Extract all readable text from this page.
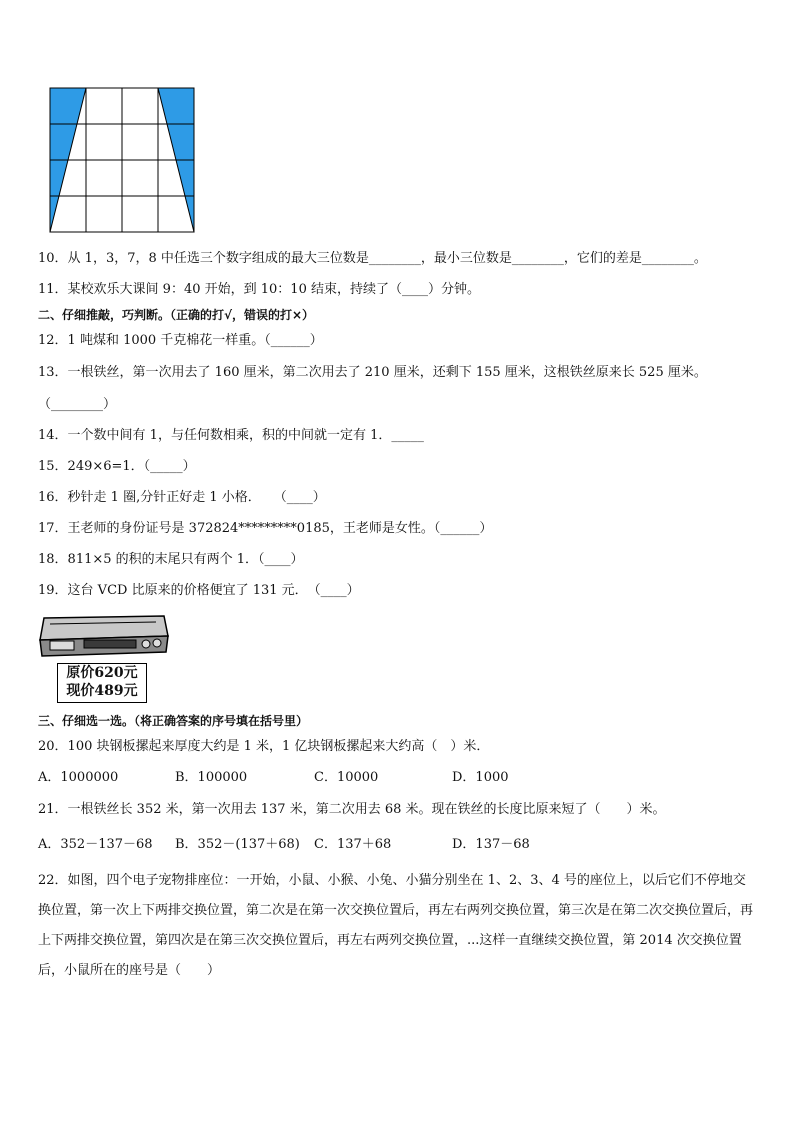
10．从 1，3，7，8 中任选三个数字组成的最大三位数是________，最小三位数是________，它们的差是________。
11．某校欢乐大课间 9：40 开始，到 10：10 结束，持续了（____）分钟。
二、仔细推敲，巧判断。（正确的打√，错误的打×）
12．1 吨煤和 1000 千克棉花一样重。（______）
13．一根铁丝，第一次用去了 160 厘米，第二次用去了 210 厘米，还剩下 155 厘米，这根铁丝原来长 525 厘米。
（________）
14．一个数中间有 1，与任何数相乘，积的中间就一定有 1．_____
15．249×6=1．（_____）
16．秒针走 1 圈,分针正好走 1 小格．　　（____）
17．王老师的身份证号是 372824*********0185，王老师是女性。（______）
18．811×5 的积的末尾只有两个 1．（____）
19．这台 VCD 比原来的价格便宜了 131 元．　（____）
原价620元
现价489元
三、仔细选一选。（将正确答案的序号填在括号里）
20．100 块钢板摞起来厚度大约是 1 米，1 亿块钢板摞起来大约高（　）米．
A．1000000	B．100000	C．10000	D．1000
21．一根铁丝长 352 米，第一次用去 137 米，第二次用去 68 米。现在铁丝的长度比原来短了（　　）米。
A．352－137－68 B．352－(137＋68) C．137＋68	D．137－68
22．如图，四个电子宠物排座位：一开始，小鼠、小猴、小兔、小猫分别坐在 1、2、3、4 号的座位上，以后它们不停地交换位置，第一次上下两排交换位置，第二次是在第一次交换位置后，再左右两列交换位置，第三次是在第二次交换位置后，再上下两排交换位置，第四次是在第三次交换位置后，再左右两列交换位置，...这样一直继续交换位置，第 2014 次交换位置后，小鼠所在的座号是（　　）
